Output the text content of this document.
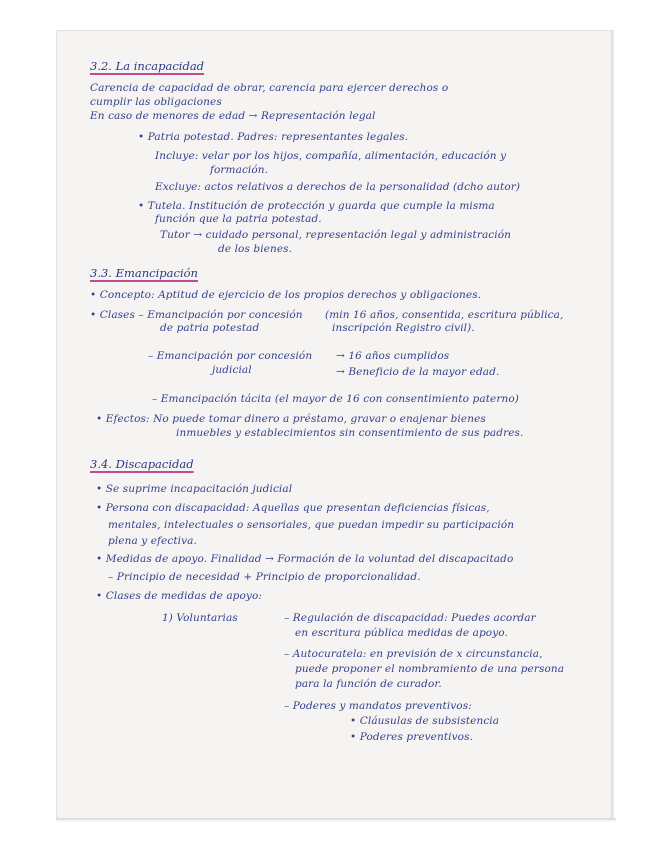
3.2. La incapacidad
Carencia de capacidad de obrar, carencia para ejercer derechos o
cumplir las obligaciones
En caso de menores de edad → Representación legal
• Patria potestad. Padres: representantes legales.
Incluye: velar por los hijos, compañía, alimentación, educación y
formación.
Excluye: actos relativos a derechos de la personalidad (dcho autor)
• Tutela. Institución de protección y guarda que cumple la misma
función que la patria potestad.
Tutor → cuidado personal, representación legal y administración
de los bienes.
3.3. Emancipación
• Concepto: Aptitud de ejercicio de los propios derechos y obligaciones.
• Clases – Emancipación por concesión (min 16 años, consentida, escritura pública,
de patria potestad	inscripción Registro civil).
– Emancipación por concesión → 16 años cumplidos
judicial	→ Beneficio de la mayor edad.
– Emancipación tácita (el mayor de 16 con consentimiento paterno)
• Efectos: No puede tomar dinero a préstamo, gravar o enajenar bienes
inmuebles y establecimientos sin consentimiento de sus padres.
3.4. Discapacidad
• Se suprime incapacitación judicial
• Persona con discapacidad: Aquellas que presentan deficiencias físicas,
mentales, intelectuales o sensoriales, que puedan impedir su participación
plena y efectiva.
• Medidas de apoyo. Finalidad → Formación de la voluntad del discapacitado
– Principio de necesidad + Principio de proporcionalidad.
• Clases de medidas de apoyo:
1) Voluntarias	– Regulación de discapacidad: Puedes acordar
en escritura pública medidas de apoyo.
– Autocuratela: en previsión de x circunstancia,
puede proponer el nombramiento de una persona
para la función de curador.
– Poderes y mandatos preventivos:
• Cláusulas de subsistencia
• Poderes preventivos.
